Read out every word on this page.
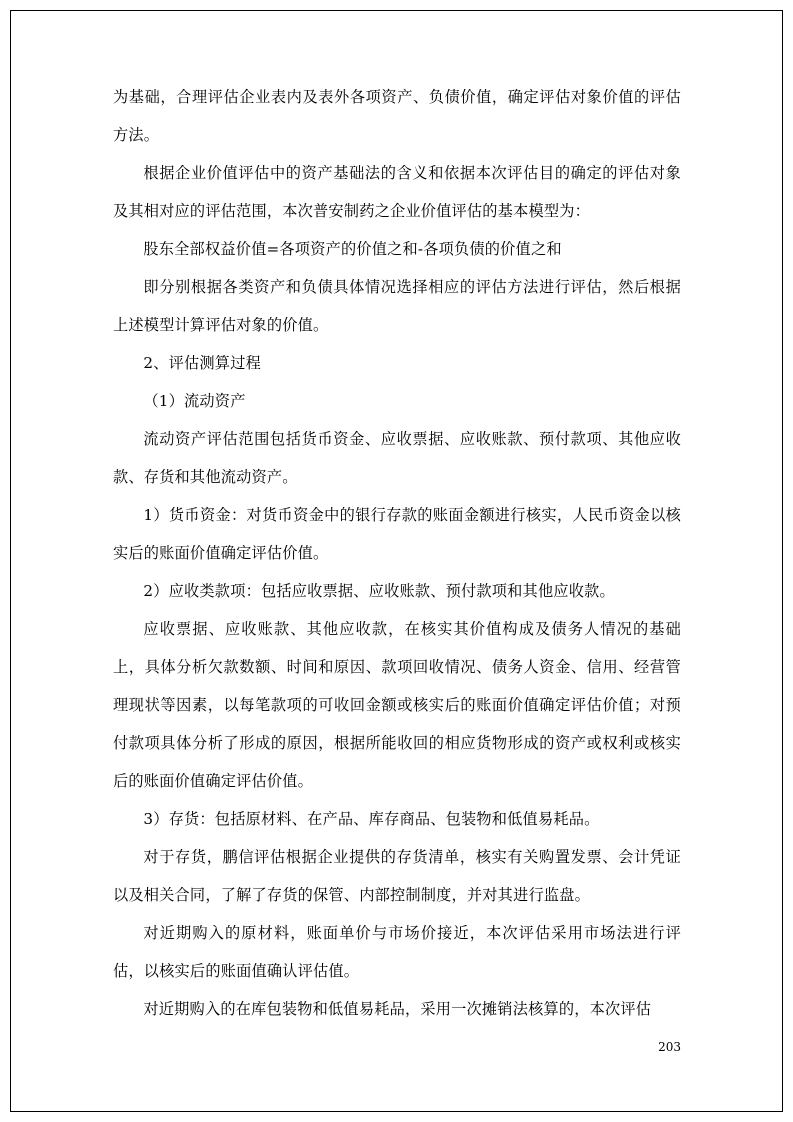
为基础，合理评估企业表内及表外各项资产、负债价值，确定评估对象价值的评估方法。

根据企业价值评估中的资产基础法的含义和依据本次评估目的确定的评估对象及其相对应的评估范围，本次普安制药之企业价值评估的基本模型为：

股东全部权益价值=各项资产的价值之和-各项负债的价值之和

即分别根据各类资产和负债具体情况选择相应的评估方法进行评估，然后根据上述模型计算评估对象的价值。

2、评估测算过程

（1）流动资产

流动资产评估范围包括货币资金、应收票据、应收账款、预付款项、其他应收款、存货和其他流动资产。

1）货币资金：对货币资金中的银行存款的账面金额进行核实，人民币资金以核实后的账面价值确定评估价值。

2）应收类款项：包括应收票据、应收账款、预付款项和其他应收款。

应收票据、应收账款、其他应收款，在核实其价值构成及债务人情况的基础上，具体分析欠款数额、时间和原因、款项回收情况、债务人资金、信用、经营管理现状等因素，以每笔款项的可收回金额或核实后的账面价值确定评估价值；对预付款项具体分析了形成的原因，根据所能收回的相应货物形成的资产或权利或核实后的账面价值确定评估价值。

3）存货：包括原材料、在产品、库存商品、包装物和低值易耗品。

对于存货，鹏信评估根据企业提供的存货清单，核实有关购置发票、会计凭证以及相关合同，了解了存货的保管、内部控制制度，并对其进行监盘。

对近期购入的原材料，账面单价与市场价接近，本次评估采用市场法进行评估，以核实后的账面值确认评估值。

对近期购入的在库包装物和低值易耗品，采用一次摊销法核算的，本次评估

203
